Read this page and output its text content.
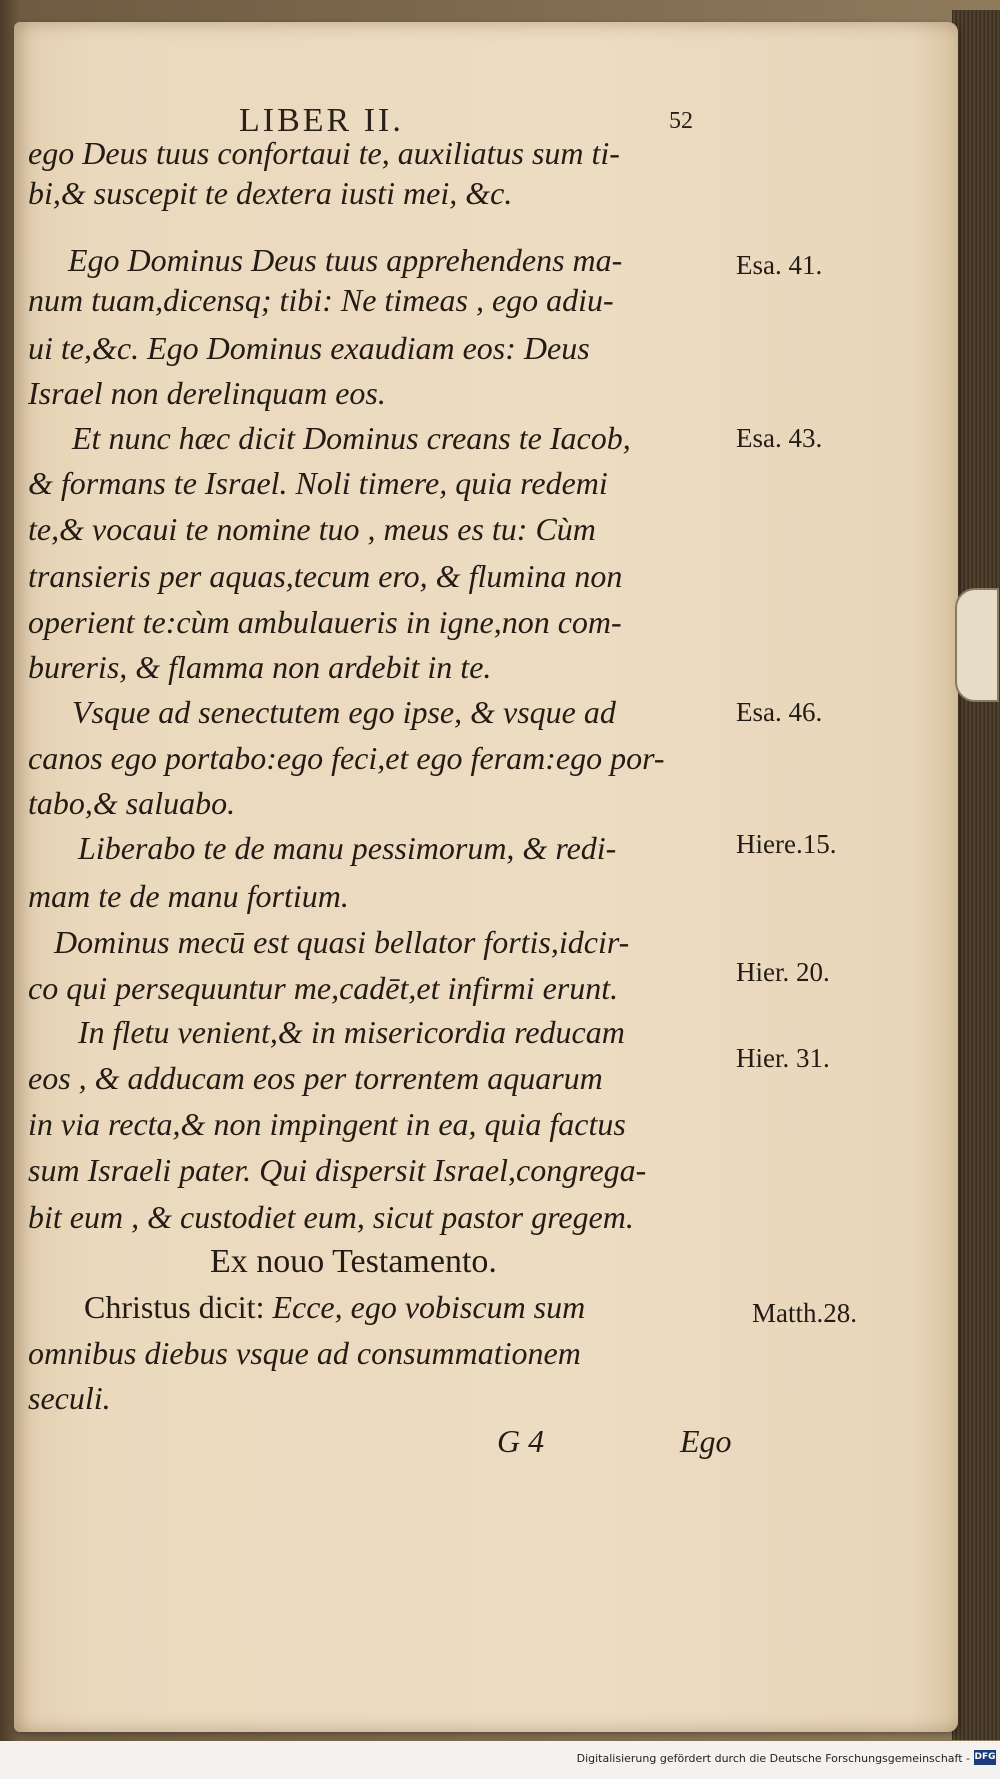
LIBER II.	52
ego Deus tuus confortaui te, auxiliatus sum ti-
bi,& suscepit te dextera iusti mei, &c.
Ego Dominus Deus tuus apprehendens ma-
num tuam,dicensq; tibi: Ne timeas , ego adiu-
ui te,&c. Ego Dominus exaudiam eos: Deus
Israel non derelinquam eos.
Et nunc hæc dicit Dominus creans te Iacob,
& formans te Israel. Noli timere, quia redemi
te,& vocaui te nomine tuo , meus es tu: Cùm
transieris per aquas,tecum ero, & flumina non
operient te:cùm ambulaueris in igne,non com-
bureris, & flamma non ardebit in te.
Vsque ad senectutem ego ipse, & vsque ad
canos ego portabo:ego feci,et ego feram:ego por-
tabo,& saluabo.
Liberabo te de manu pessimorum, & redi-
mam te de manu fortium.
Dominus mecū est quasi bellator fortis,idcir-
co qui persequuntur me,cadēt,et infirmi erunt.
In fletu venient,& in misericordia reducam
eos , & adducam eos per torrentem aquarum
in via recta,& non impingent in ea, quia factus
sum Israeli pater. Qui dispersit Israel,congrega-
bit eum , & custodiet eum, sicut pastor gregem.
Ex nouo Testamento.
Christus dicit: Ecce, ego vobiscum sum
omnibus diebus vsque ad consummationem
seculi.
Esa. 41.
Esa. 43.
Esa. 46.
Hiere.15.
Hier. 20.
Hier. 31.
Matth.28.
G 4	Ego
Digitalisierung gefördert durch die Deutsche Forschungsgemeinschaft - DFG
